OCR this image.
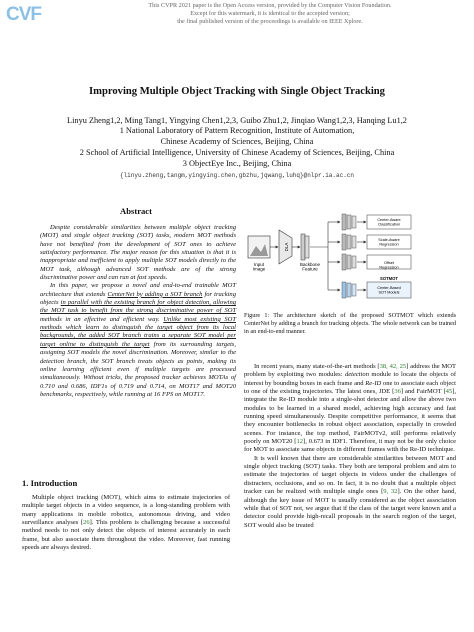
CVF	This CVPR 2021 paper is the Open Access version, provided by the Computer Vision Foundation.
Except for this watermark, it is identical to the accepted version;
the final published version of the proceedings is available on IEEE Xplore.
Improving Multiple Object Tracking with Single Object Tracking
Linyu Zheng1,2, Ming Tang1, Yingying Chen1,2,3, Guibo Zhu1,2, Jinqiao Wang1,2,3, Hanqing Lu1,2
1 National Laboratory of Pattern Recognition, Institute of Automation,
Chinese Academy of Sciences, Beijing, China
2 School of Artificial Intelligence, University of Chinese Academy of Sciences, Beijing, China
3 ObjectEye Inc., Beijing, China
{linyu.zheng,tangm,yingying.chen,gbzhu,jqwang,luhq}@nlpr.ia.ac.cn
Abstract

Despite considerable similarities between multiple object tracking (MOT) and single object tracking (SOT) tasks, modern MOT methods have not benefited from the development of SOT ones to achieve satisfactory performance. The major reason for this situation is that it is inappropriate and inefficient to apply multiple SOT models directly to the MOT task, although advanced SOT methods are of the strong discriminative power and can run at fast speeds.

In this paper, we propose a novel and end-to-end trainable MOT architecture that extends CenterNet by adding a SOT branch for tracking objects in parallel with the existing branch for object detection, allowing the MOT task to benefit from the strong discriminative power of SOT methods in an effective and efficient way. Unlike most existing SOT methods which learn to distinguish the target object from its local backgrounds, the added SOT branch trains a separate SOT model per target online to distinguish the target from its surrounding targets, assigning SOT models the novel discrimination. Moreover, similar to the detection branch, the SOT branch treats objects as points, making its online learning efficient even if multiple targets are processed simultaneously. Without tricks, the proposed tracker achieves MOTAs of 0.710 and 0.686, IDF1s of 0.719 and 0.714, on MOT17 and MOT20 benchmarks, respectively, while running at 16 FPS on MOT17.

1. Introduction

Multiple object tracking (MOT), which aims to estimate trajectories of multiple target objects in a video sequence, is a long-standing problem with many applications in mobile robotics, autonomous driving, and video surveillance analyses [26]. This problem is challenging because a successful method needs to not only detect the objects of interest accurately in each frame, but also associate them throughout the video. Moreover, fast running speeds are always desired.

Input Image
DLA
Backbone Feature
Center-Aware Classification
Scale-Aware Regression
Offset Regression
SOTMOT
Center-Based SOT Models
Figure 1: The architecture sketch of the proposed SOTMOT which extends CenterNet by adding a branch for tracking objects. The whole network can be trained in an end-to-end manner.

In recent years, many state-of-the-art methods [38, 42, 25] address the MOT problem by exploiting two modules: detection module to locate the objects of interest by bounding boxes in each frame and Re-ID one to associate each object to one of the existing trajectories. The latest ones, JDE [36] and FairMOT [45], integrate the Re-ID module into a single-shot detector and allow the above two modules to be learned in a shared model, achieving high accuracy and fast running speed simultaneously. Despite competitive performance, it seems that they encounter bottlenecks in robust object association, especially in crowded scenes. For instance, the top method, FairMOTv2, still performs relatively poorly on MOT20 [12], 0.673 in IDF1. Therefore, it may not be the only choice for MOT to associate same objects in different frames with the Re-ID technique.

It is well known that there are considerable similarities between MOT and single object tracking (SOT) tasks. They both are temporal problem and aim to estimate the trajectories of target objects in videos under the challenges of distracters, occlusions, and so on. In fact, it is no doubt that a multiple object tracker can be realized with multiple single ones [9, 32]. On the other hand, although the key issue of MOT is usually considered as the object association while that of SOT not, we argue that if the class of the target were known and a detector could provide high-recall proposals in the search region of the target, SOT would also be treated
